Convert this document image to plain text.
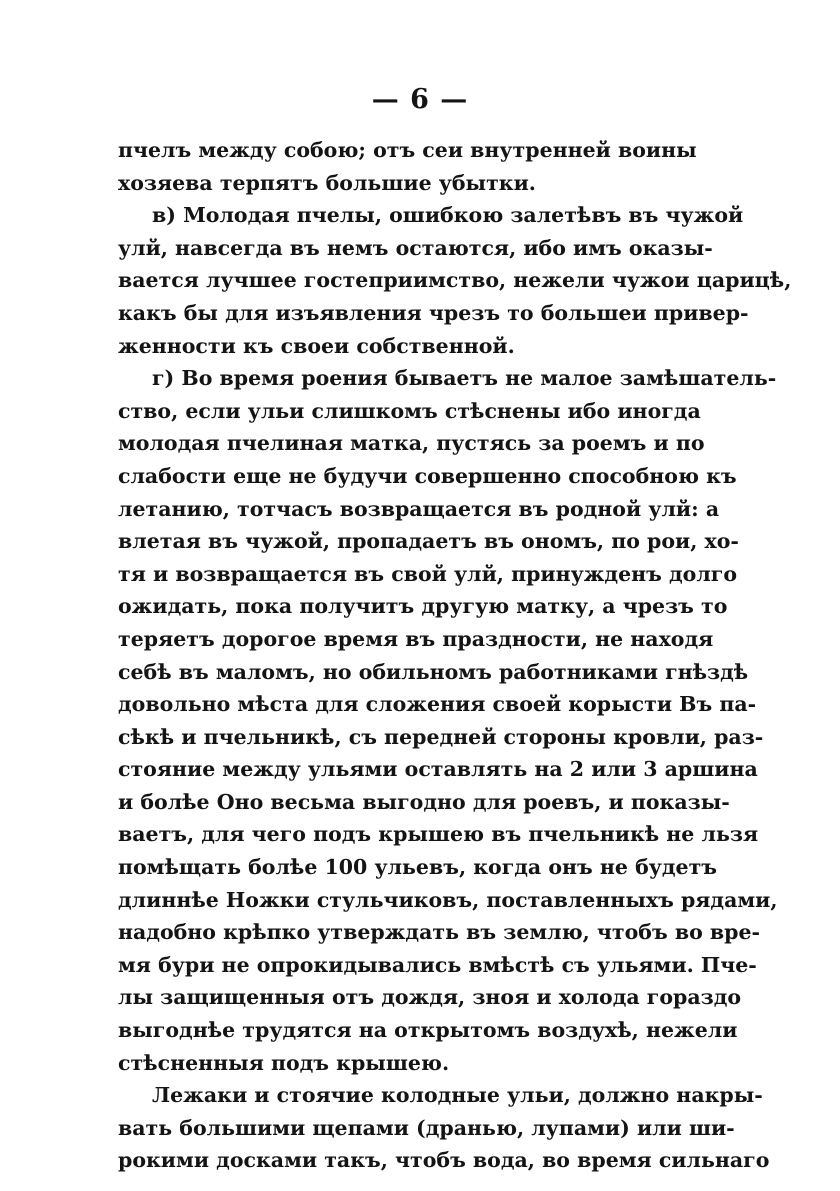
— 6 —
пчелъ между собою; отъ сеи внутренней воины
хозяева терпятъ большие убытки.
в) Молодая пчелы, ошибкою залетѣвъ въ чужой
улй, навсегда въ немъ остаются, ибо имъ оказы-
вается лучшее гостеприимство, нежели чужои царицѣ,
какъ бы для изъявления чрезъ то большеи привер-
женности къ своеи собственной.
г) Во время роения бываетъ не малое замѣшатель-
ство, если ульи слишкомъ стѣснены ибо иногда
молодая пчелиная матка, пустясь за роемъ и по
слабости еще не будучи совершенно способною къ
летанию, тотчасъ возвращается въ родной улй: а
влетая въ чужой, пропадаетъ въ ономъ, по рои, хо-
тя и возвращается въ свой улй, принужденъ долго
ожидать, пока получитъ другую матку, а чрезъ то
теряетъ дорогое время въ праздности, не находя
себѣ въ маломъ, но обильномъ работниками гнѣздѣ
довольно мѣста для сложения своей корысти Въ па-
сѣкѣ и пчельникѣ, съ передней стороны кровли, раз-
стояние между ульями оставлять на 2 или 3 аршина
и болѣе Оно весьма выгодно для роевъ, и показы-
ваетъ, для чего подъ крышею въ пчельникѣ не льзя
помѣщать болѣе 100 ульевъ, когда онъ не будетъ
длиннѣе Ножки стульчиковъ, поставленныхъ рядами,
надобно крѣпко утверждать въ землю, чтобъ во вре-
мя бури не опрокидывались вмѣстѣ съ ульями. Пче-
лы защищенныя отъ дождя, зноя и холода гораздо
выгоднѣе трудятся на открытомъ воздухѣ, нежели
стѣсненныя подъ крышею.
Лежаки и стоячие колодные ульи, должно накры-
вать большими щепами (дранью, лупами) или ши-
рокими досками такъ, чтобъ вода, во время сильнаго
